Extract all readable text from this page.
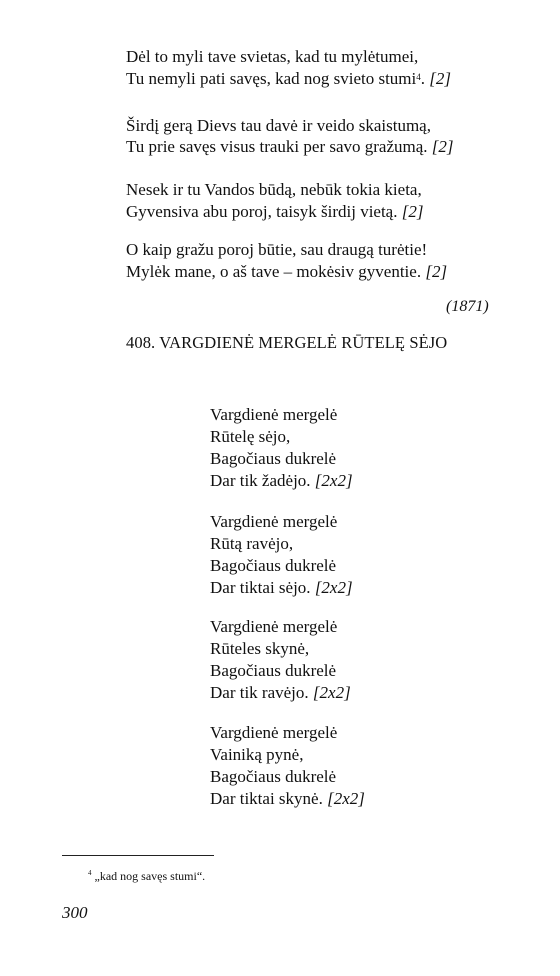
Dėl to myli tave svietas, kad tu mylėtumei,
Tu nemyli pati savęs, kad nog svieto stumi$^4$. [2]
Širdį gerą Dievs tau davė ir veido skaistumą,
Tu prie savęs visus trauki per savo gražumą. [2]
Nesek ir tu Vandos būdą, nebūk tokia kieta,
Gyvensiva abu poroj, taisyk širdij vietą. [2]
O kaip gražu poroj būtie, sau draugą turėtie!
Mylėk mane, o aš tave – mokėsiv gyventie. [2]
(1871)
408. VARGDIENĖ MERGELĖ RŪTELĘ SĖJO
Vargdienė mergelė
Rūtelę sėjo,
Bagočiaus dukrelė
Dar tik žadėjo. [2x2]
Vargdienė mergelė
Rūtą ravėjo,
Bagočiaus dukrelė
Dar tiktai sėjo. [2x2]
Vargdienė mergelė
Rūteles skynė,
Bagočiaus dukrelė
Dar tik ravėjo. [2x2]
Vargdienė mergelė
Vainiką pynė,
Bagočiaus dukrelė
Dar tiktai skynė. [2x2]
$^4$ „kad nog savęs stumi“.
300
